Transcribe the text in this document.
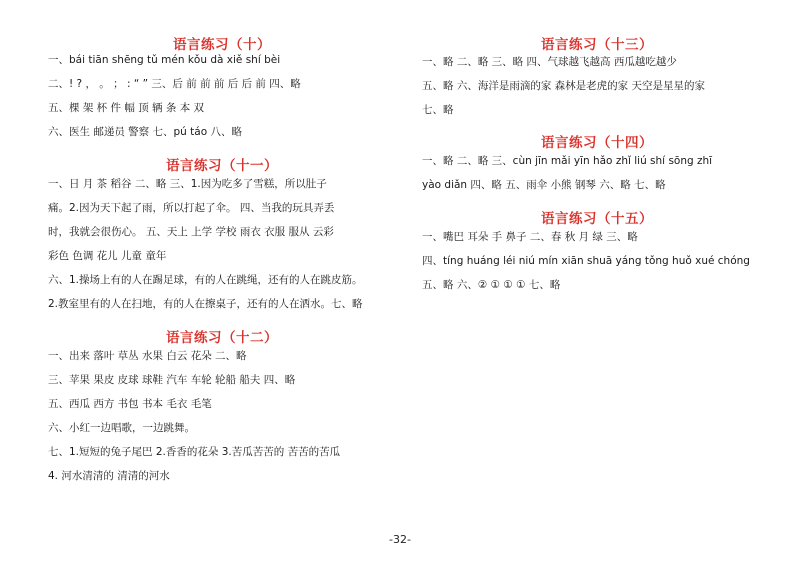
语言练习（十）
一、bái tiān shēng tǔ mén kǒu dà xiě shí bèi
二、! ? ， 。 ； : “ ” 三、后 前 前 前 后 后 前 四、略
五、棵 架 杯 件 幅 顶 辆 条 本 双
六、医生 邮递员 警察 七、pú táo 八、略
语言练习（十一）
一、日 月 茶 稻谷 二、略 三、1.因为吃多了雪糕，所以肚子
痛。2.因为天下起了雨，所以打起了伞。 四、当我的玩具弄丢
时，我就会很伤心。 五、天上 上学 学校 雨衣 衣服 服从 云彩
彩色 色调 花儿 儿童 童年
六、1.操场上有的人在踢足球，有的人在跳绳，还有的人在跳皮筋。
2.教室里有的人在扫地，有的人在擦桌子，还有的人在洒水。七、略
语言练习（十二）
一、出来 落叶 草丛 水果 白云 花朵 二、略
三、苹果 果皮 皮球 球鞋 汽车 车轮 轮船 船夫 四、略
五、西瓜 西方 书包 书本 毛衣 毛笔
六、小红一边唱歌，一边跳舞。
七、1.短短的兔子尾巴 2.香香的花朵 3.苦瓜苦苦的 苦苦的苦瓜
4. 河水清清的 清清的河水
语言练习（十三）
一、略 二、略 三、略 四、气球越飞越高 西瓜越吃越少
五、略 六、海洋是雨滴的家 森林是老虎的家 天空是星星的家
七、略
语言练习（十四）
一、略 二、略 三、cùn jīn mǎi yīn hǎo zhǐ liú shí sōng zhī
yào diǎn 四、略 五、雨伞 小熊 钢琴 六、略 七、略
语言练习（十五）
一、嘴巴 耳朵 手 鼻子 二、春 秋 月 绿 三、略
四、tíng huáng léi niú mín xiān shuā yáng tǒng huǒ xué chóng
五、略 六、② ① ① ① 七、略
-32-
